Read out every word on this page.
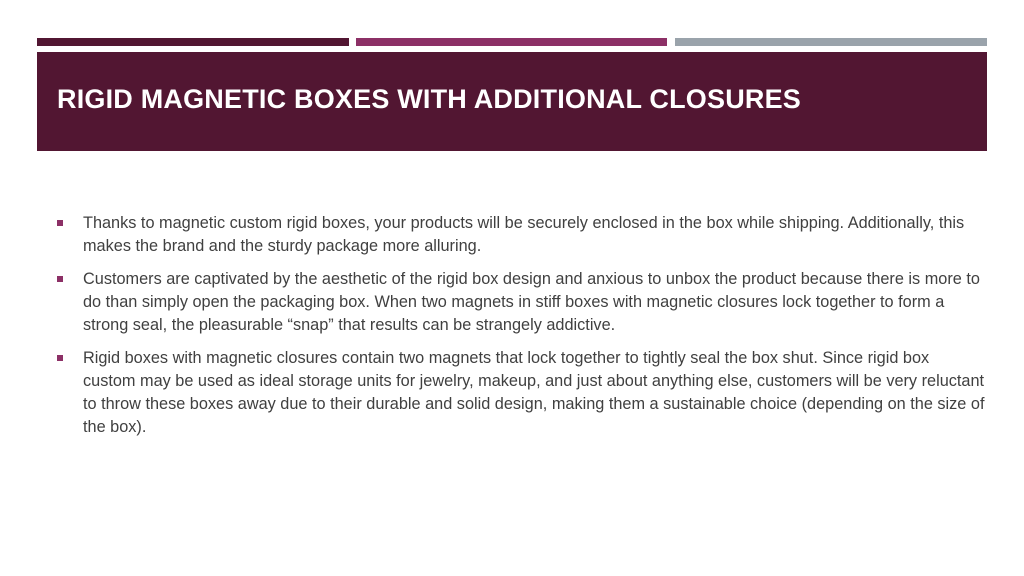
RIGID MAGNETIC BOXES WITH ADDITIONAL CLOSURES
Thanks to magnetic custom rigid boxes, your products will be securely enclosed in the box while shipping. Additionally, this makes the brand and the sturdy package more alluring.
Customers are captivated by the aesthetic of the rigid box design and anxious to unbox the product because there is more to do than simply open the packaging box. When two magnets in stiff boxes with magnetic closures lock together to form a strong seal, the pleasurable “snap” that results can be strangely addictive.
Rigid boxes with magnetic closures contain two magnets that lock together to tightly seal the box shut. Since rigid box custom may be used as ideal storage units for jewelry, makeup, and just about anything else, customers will be very reluctant to throw these boxes away due to their durable and solid design, making them a sustainable choice (depending on the size of the box).
